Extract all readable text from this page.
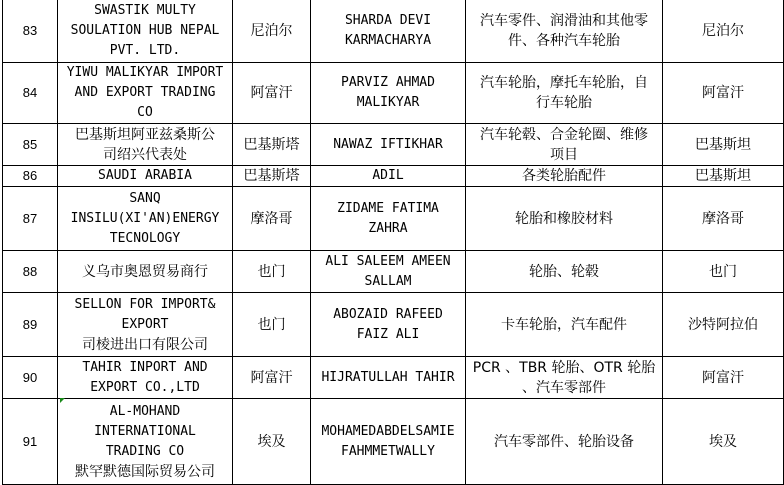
83	SWASTIK MULTY
SOULATION HUB NEPAL
PVT. LTD.	尼泊尔	SHARDA DEVI
KARMACHARYA	汽车零件、润滑油和其他零
件、各种汽车轮胎	尼泊尔
84	YIWU MALIKYAR IMPORT
AND EXPORT TRADING
CO	阿富汗	PARVIZ AHMAD
MALIKYAR	汽车轮胎，摩托车轮胎，自
行车轮胎	阿富汗
85	巴基斯坦阿亚兹桑斯公
司绍兴代表处	巴基斯塔	NAWAZ IFTIKHAR	汽车轮毂、合金轮圈、维修
项目	巴基斯坦
86	SAUDI ARABIA	巴基斯塔	ADIL	各类轮胎配件	巴基斯坦
87	SANQ
INSILU(XI'AN)ENERGY
TECNOLOGY	摩洛哥	ZIDAME FATIMA
ZAHRA	轮胎和橡胶材料	摩洛哥
88	义乌市奥恩贸易商行	也门	ALI SALEEM AMEEN
SALLAM	轮胎、轮毂	也门
89	SELLON FOR IMPORT&
EXPORT
司棱进出口有限公司	也门	ABOZAID RAFEED
FAIZ ALI	卡车轮胎，汽车配件	沙特阿拉伯
90	TAHIR INPORT AND
EXPORT CO.,LTD	阿富汗	HIJRATULLAH TAHIR	PCR 、TBR 轮胎、OTR 轮胎
、汽车零部件	阿富汗
91	AL-MOHAND
INTERNATIONAL
TRADING CO
默罕默德国际贸易公司	埃及	MOHAMEDABDELSAMIE
FAHMMETWALLY	汽车零部件、轮胎设备	埃及
